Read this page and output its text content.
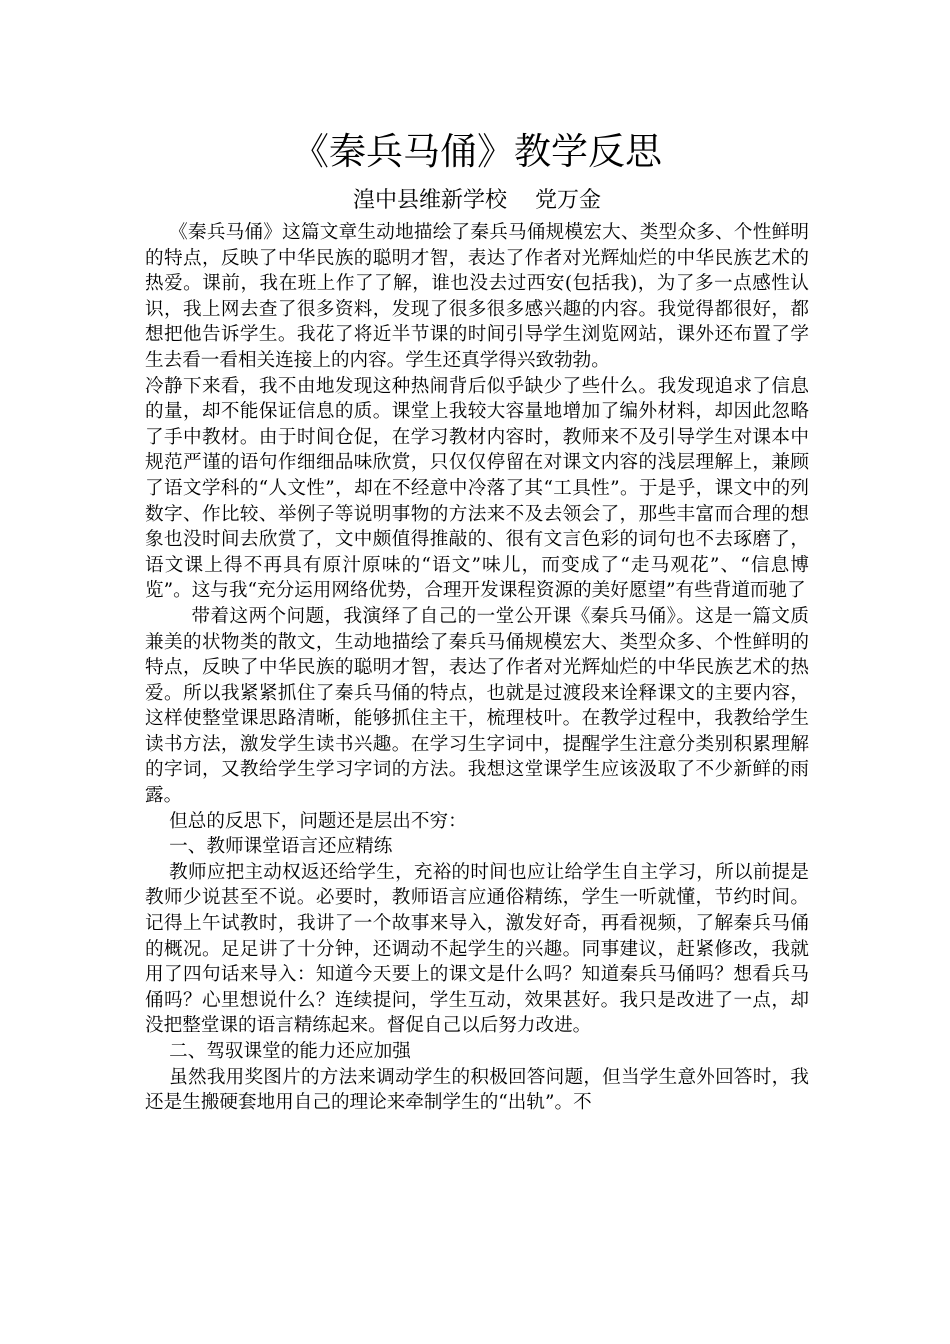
《秦兵马俑》教学反思
湟中县维新学校    党万金

《秦兵马俑》这篇文章生动地描绘了秦兵马俑规模宏大、类型众多、个性鲜明的特点，反映了中华民族的聪明才智，表达了作者对光辉灿烂的中华民族艺术的热爱。课前，我在班上作了了解，谁也没去过西安(包括我)，为了多一点感性认识，我上网去查了很多资料，发现了很多很多感兴趣的内容。我觉得都很好，都想把他告诉学生。我花了将近半节课的时间引导学生浏览网站，课外还布置了学生去看一看相关连接上的内容。学生还真学得兴致勃勃。

冷静下来看，我不由地发现这种热闹背后似乎缺少了些什么。我发现追求了信息的量，却不能保证信息的质。课堂上我较大容量地增加了编外材料，却因此忽略了手中教材。由于时间仓促，在学习教材内容时，教师来不及引导学生对课本中规范严谨的语句作细细品味欣赏，只仅仅停留在对课文内容的浅层理解上，兼顾了语文学科的“人文性”，却在不经意中冷落了其“工具性”。于是乎，课文中的列数字、作比较、举例子等说明事物的方法来不及去领会了，那些丰富而合理的想象也没时间去欣赏了，文中颇值得推敲的、很有文言色彩的词句也不去琢磨了，语文课上得不再具有原汁原味的“语文”味儿，而变成了“走马观花”、“信息博览”。这与我“充分运用网络优势，合理开发课程资源的美好愿望”有些背道而驰了

带着这两个问题，我演绎了自己的一堂公开课《秦兵马俑》。这是一篇文质兼美的状物类的散文，生动地描绘了秦兵马俑规模宏大、类型众多、个性鲜明的特点，反映了中华民族的聪明才智，表达了作者对光辉灿烂的中华民族艺术的热爱。所以我紧紧抓住了秦兵马俑的特点，也就是过渡段来诠释课文的主要内容，这样使整堂课思路清晰，能够抓住主干，梳理枝叶。在教学过程中，我教给学生读书方法，激发学生读书兴趣。在学习生字词中，提醒学生注意分类别积累理解的字词，又教给学生学习字词的方法。我想这堂课学生应该汲取了不少新鲜的雨露。

但总的反思下，问题还是层出不穷：

一、教师课堂语言还应精练

教师应把主动权返还给学生，充裕的时间也应让给学生自主学习，所以前提是教师少说甚至不说。必要时，教师语言应通俗精练，学生一听就懂，节约时间。记得上午试教时，我讲了一个故事来导入，激发好奇，再看视频，了解秦兵马俑的概况。足足讲了十分钟，还调动不起学生的兴趣。同事建议，赶紧修改，我就用了四句话来导入：知道今天要上的课文是什么吗？知道秦兵马俑吗？想看兵马俑吗？心里想说什么？连续提问，学生互动，效果甚好。我只是改进了一点，却没把整堂课的语言精练起来。督促自己以后努力改进。

二、驾驭课堂的能力还应加强

虽然我用奖图片的方法来调动学生的积极回答问题，但当学生意外回答时，我还是生搬硬套地用自己的理论来牵制学生的“出轨”。不
